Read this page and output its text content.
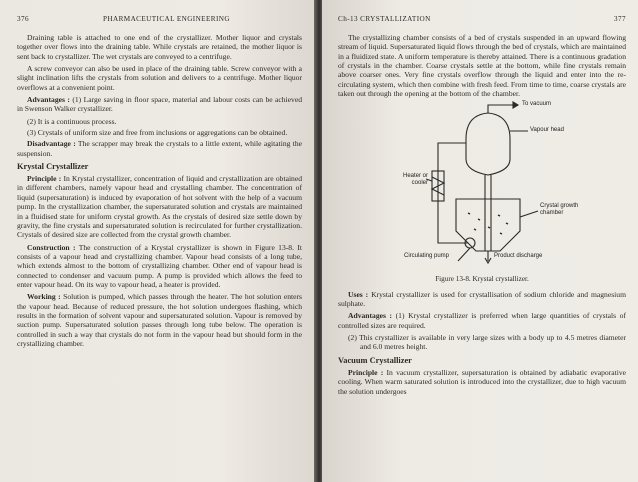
376	PHARMACEUTICAL ENGINEERING

Draining table is attached to one end of the crystallizer. Mother liquor and crystals together over flows into the draining table. While crystals are retained, the mother liquor is sent back to crystallizer. The wet crystals are conveyed to a centrifuge.

A screw conveyor can also be used in place of the draining table. Screw conveyor with a slight inclination lifts the crystals from solution and delivers to a centrifuge. Mother liquor overflows at a convenient point.

Advantages : (1) Large saving in floor space, material and labour costs can be achieved in Swenson Walker crystallizer.

(2) It is a continuous process.

(3) Crystals of uniform size and free from inclusions or aggregations can be obtained.

Disadvantage : The scrapper may break the crystals to a little extent, while agitating the suspension.

Krystal Crystallizer

Principle : In Krystal crystallizer, concentration of liquid and crystallization are obtained in different chambers, namely vapour head and crystalling chamber. The concentration of liquid (supersaturation) is induced by evaporation of hot solvent with the help of a vacuum pump. In the crystallization chamber, the supersaturated solution and crystals are maintained in a fluidised state for uniform crystal growth. As the crystals of desired size settle down by gravity, the fine crystals and supersaturated solution is recirculated for further crystallization. Crystals of desired size are collected from the crystal growth chamber.

Construction : The construction of a Krystal crystallizer is shown in Figure 13-8. It consists of a vapour head and crystallizing chamber. Vapour head consists of a long tube, which extends almost to the bottom of crystallizing chamber. Other end of vapour head is connected to condenser and vacuum pump. A pump is provided which allows the feed to enter vapour head. On its way to vapour head, a heater is provided.

Working : Solution is pumped, which passes through the heater. The hot solution enters the vapour head. Because of reduced pressure, the hot solution undergoes flashing, which results in the formation of solvent vapour and supersaturated solution. Vapour is removed by suction pump. Supersaturated solution passes through long tube below. The operation is controlled in such a way that crystals do not form in the vapour head but should form in the crystallizing chamber.

Ch-13 CRYSTALLIZATION	377

The crystallizing chamber consists of a bed of crystals suspended in an upward flowing stream of liquid. Supersaturated liquid flows through the bed of crystals, which are maintained in a fluidized state. A uniform temperature is thereby attained. There is a continuous gradation of crystals in the chamber. Coarse crystals settle at the bottom, while fine crystals remain above coarser ones. Very fine crystals overflow through the liquid and enter into the re-circulating system, which then combine with fresh feed. From time to time, coarse crystals are taken out through the opening at the bottom of the chamber.

To vacuum
Vapour head
Heater or cooler
Crystal growth chamber
Circulating pump	Product discharge

Figure 13-8. Krystal crystallizer.

Uses : Krystal crystallizer is used for crystallisation of sodium chloride and magnesium sulphate.

Advantages : (1) Krystal crystallizer is preferred when large quantities of crystals of controlled sizes are required.

(2) This crystallizer is available in very large sizes with a body up to 4.5 metres diameter and 6.0 metres height.

Vacuum Crystallizer

Principle : In vacuum crystallizer, supersaturation is obtained by adiabatic evaporative cooling. When warm saturated solution is introduced into the crystallizer, due to high vacuum the solution undergoes
